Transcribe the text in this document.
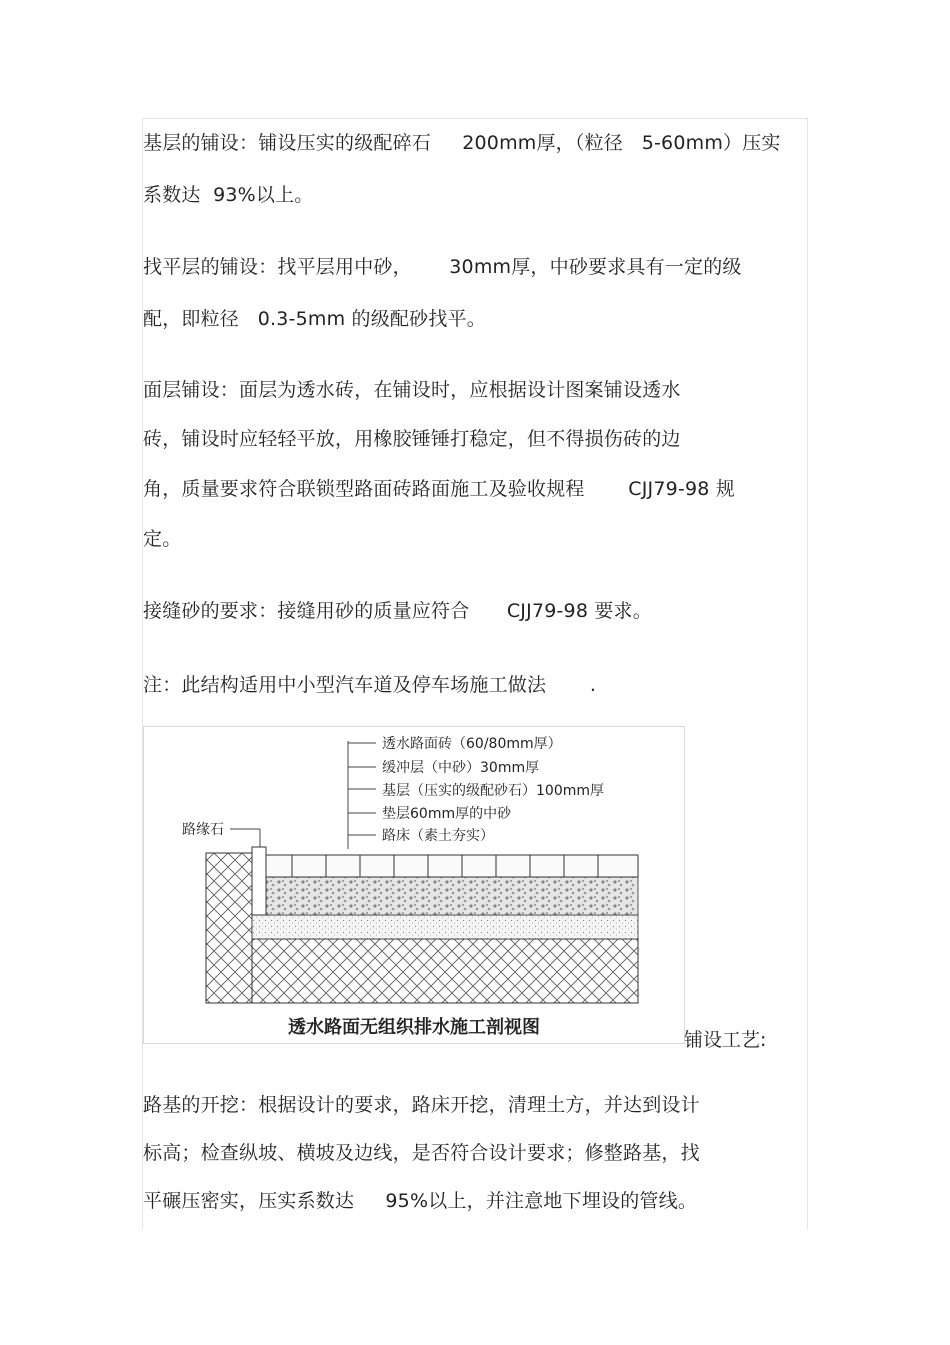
基层的铺设：铺设压实的级配碎石     200mm厚，（粒径   5-60mm）压实
系数达  93%以上。
找平层的铺设：找平层用中砂，      30mm厚，中砂要求具有一定的级
配，即粒径   0.3-5mm 的级配砂找平。
面层铺设：面层为透水砖，在铺设时，应根据设计图案铺设透水
砖，铺设时应轻轻平放，用橡胶锤锤打稳定，但不得损伤砖的边
角，质量要求符合联锁型路面砖路面施工及验收规程       CJJ79-98 规
定。
接缝砂的要求：接缝用砂的质量应符合      CJJ79-98 要求。
注：此结构适用中小型汽车道及停车场施工做法       .
透水路面砖（60/80mm厚）
缓冲层（中砂）30mm厚
基层（压实的级配砂石）100mm厚
垫层60mm厚的中砂
路床（素土夯实）
路缘石
透水路面无组织排水施工剖视图
铺设工艺:
路基的开挖：根据设计的要求，路床开挖，清理土方，并达到设计
标高；检查纵坡、横坡及边线，是否符合设计要求；修整路基，找
平碾压密实，压实系数达     95%以上，并注意地下埋设的管线。
